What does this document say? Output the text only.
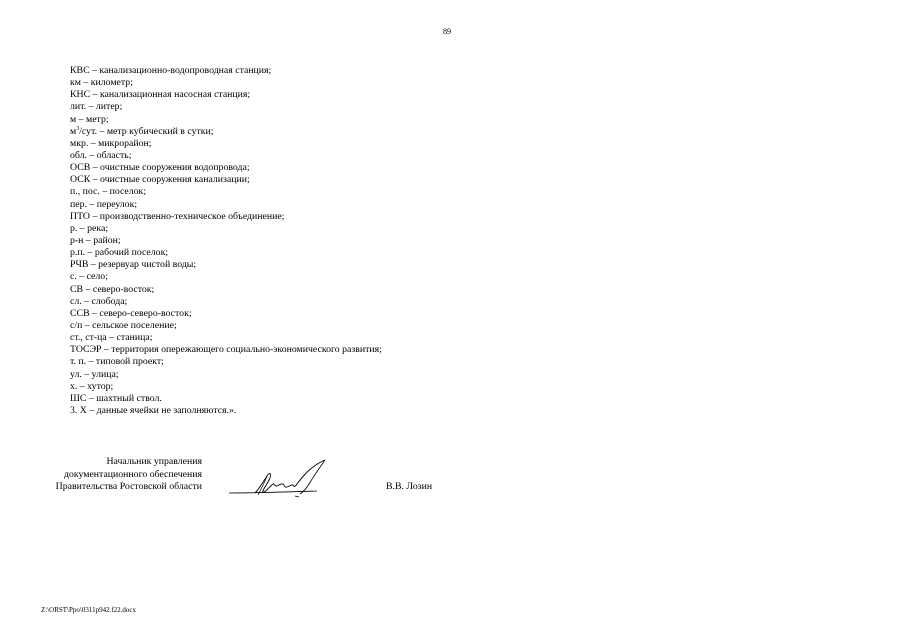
89
КВС – канализационно-водопроводная станция;
км – километр;
КНС – канализационная насосная станция;
лит. – литер;
м – метр;
$м^3$/сут. – метр кубический в сутки;
мкр. – микрорайон;
обл. – область;
ОСВ – очистные сооружения водопровода;
ОСК – очистные сооружения канализации;
п., пос. – поселок;
пер. – переулок;
ПТО – производственно-техническое объединение;
р. – река;
р-н – район;
р.п. – рабочий поселок;
РЧВ – резервуар чистой воды;
с. – село;
СВ – северо-восток;
сл. – слобода;
ССВ – северо-северо-восток;
с/п – сельское поселение;
ст., ст-ца – станица;
ТОСЭР – территория опережающего социально-экономического развития;
т. п. – типовой проект;
ул. – улица;
х. – хутор;
ШС – шахтный ствол.
3. Х – данные ячейки не заполняются.».
Начальник управления
документационного обеспечения
Правительства Ростовской области	В.В. Лозин
Z:\ORST\Ppo\0311p942.f22.docx
